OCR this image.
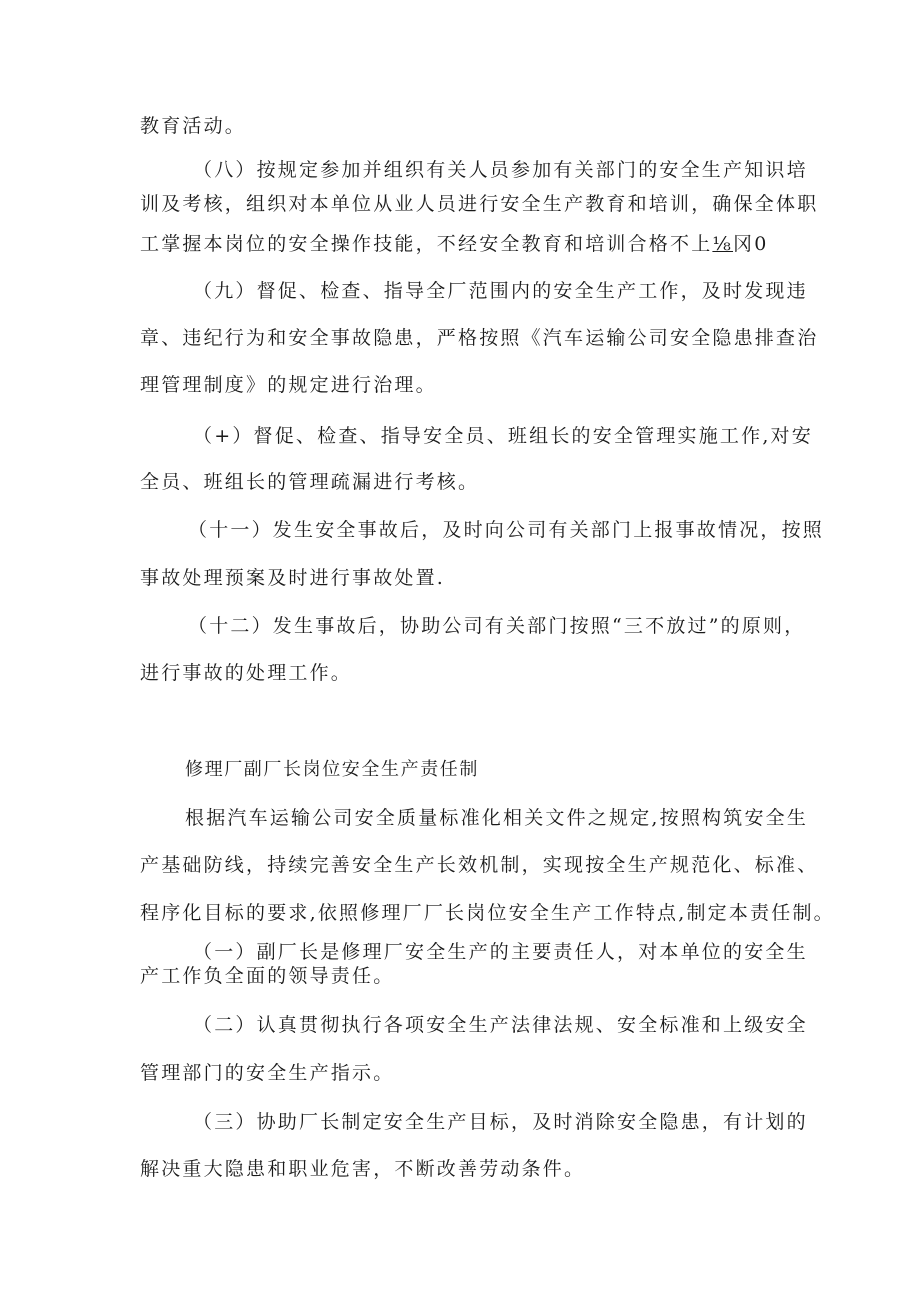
教育活动。
（八）按规定参加并组织有关人员参加有关部门的安全生产知识培
训及考核，组织对本单位从业人员进行安全生产教育和培训，确保全体职
工掌握本岗位的安全操作技能，不经安全教育和培训合格不上⅛冈0
（九）督促、检查、指导全厂范围内的安全生产工作，及时发现违
章、违纪行为和安全事故隐患，严格按照《汽车运输公司安全隐患排查治
理管理制度》的规定进行治理。
（+）督促、检查、指导安全员、班组长的安全管理实施工作,对安
全员、班组长的管理疏漏进行考核。
（十一）发生安全事故后，及时向公司有关部门上报事故情况，按照
事故处理预案及时进行事故处置.
（十二）发生事故后，协助公司有关部门按照“三不放过”的原则，
进行事故的处理工作。
修理厂副厂长岗位安全生产责任制
根据汽车运输公司安全质量标准化相关文件之规定,按照构筑安全生
产基础防线，持续完善安全生产长效机制，实现按全生产规范化、标准、
程序化目标的要求,依照修理厂厂长岗位安全生产工作特点,制定本责任制。
（一）副厂长是修理厂安全生产的主要责任人，对本单位的安全生
产工作负全面的领导责任。
（二）认真贯彻执行各项安全生产法律法规、安全标准和上级安全
管理部门的安全生产指示。
（三）协助厂长制定安全生产目标，及时消除安全隐患，有计划的
解决重大隐患和职业危害，不断改善劳动条件。
